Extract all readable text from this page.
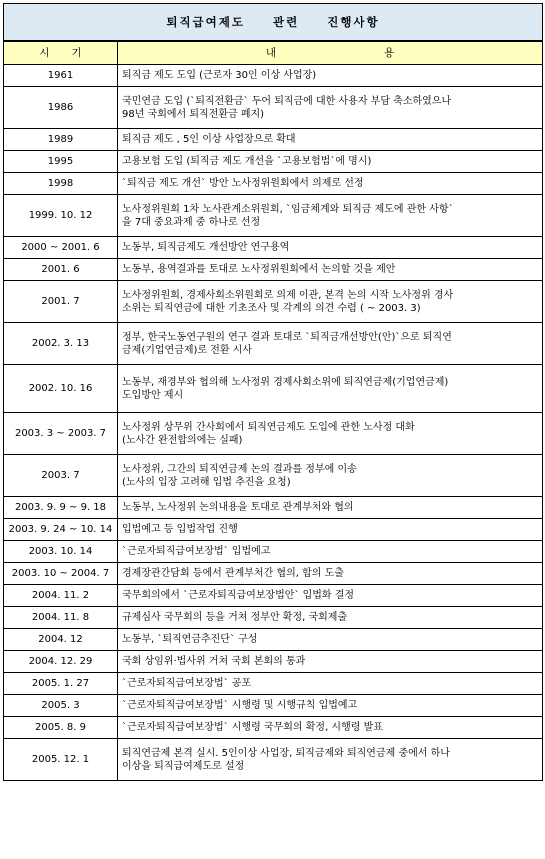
퇴직급여제도 관련 진행사항	
시기	내용
1961	퇴직금 제도 도입 (근로자 30인 이상 사업장)

1986	국민연금 도입 (`퇴직전환금` 두어 퇴직금에 대한 사용자 부담 축소하였으나
98년 국회에서 퇴직전환금 폐지)

1989	퇴직금 제도 , 5인 이상 사업장으로 확대

1995	고용보험 도입 (퇴직금 제도 개선을 `고용보험법`에 명시)

1998	`퇴직금 제도 개선` 방안 노사정위원회에서 의제로 선정

1999. 10. 12	노사정위원회 1차 노사관계소위원회, `임금체계와 퇴직금 제도에 관한 사항`
을 7대 중요과제 중 하나로 선정

2000 ~ 2001. 6	노동부, 퇴직금제도 개선방안 연구용역

2001. 6	노동부, 용역결과를 토대로 노사정위원회에서 논의할 것을 제안

2001. 7	노사정위원회, 경제사회소위원회로 의제 이관, 본격 논의 시작 노사정위 경사
소위는 퇴직연금에 대한 기초조사 및 각계의 의견 수렴 ( ~ 2003. 3)

2002. 3. 13	정부, 한국노동연구원의 연구 결과 토대로 `퇴직금개선방안(안)`으로 퇴직연
금제(기업연금제)로 전환 시사

2002. 10. 16	노동부, 재경부와 협의해 노사정위 경제사회소위에 퇴직연금제(기업연금제)
도입방안 제시

2003. 3 ~ 2003. 7	노사정위 상무위 간사회에서 퇴직연금제도 도입에 관한 노사정 대화
(노사간 완전합의에는 실패)

2003. 7	노사정위, 그간의 퇴직연금제 논의 결과를 정부에 이송
(노사의 입장 고려해 입법 추진을 요청)

2003. 9. 9 ~ 9. 18	노동부, 노사정위 논의내용을 토대로 관계부처와 협의

2003. 9. 24 ~ 10. 14	입법예고 등 입법작업 진행

2003. 10. 14	`근로자퇴직급여보장법` 입법예고

2003. 10 ~ 2004. 7	경제장관간담회 등에서 관계부처간 협의, 합의 도출

2004. 11. 2	국무회의에서 `근로자퇴직급여보장법안` 입법화 결정

2004. 11. 8	규제심사 국무회의 등을 거쳐 정부안 확정, 국회제출

2004. 12	노동부, `퇴직연금추진단` 구성

2004. 12. 29	국회 상임위·법사위 거쳐 국회 본회의 통과

2005. 1. 27	`근로자퇴직급여보장법` 공포

2005. 3	`근로자퇴직급여보장법` 시행령 및 시행규칙 입법예고

2005. 8. 9	`근로자퇴직급여보장법` 시행령 국무회의 확정, 시행령 발표

2005. 12. 1	퇴직연금제 본격 실시. 5인이상 사업장, 퇴직금제와 퇴직연금제 중에서 하나
이상을 퇴직급여제도로 설정
